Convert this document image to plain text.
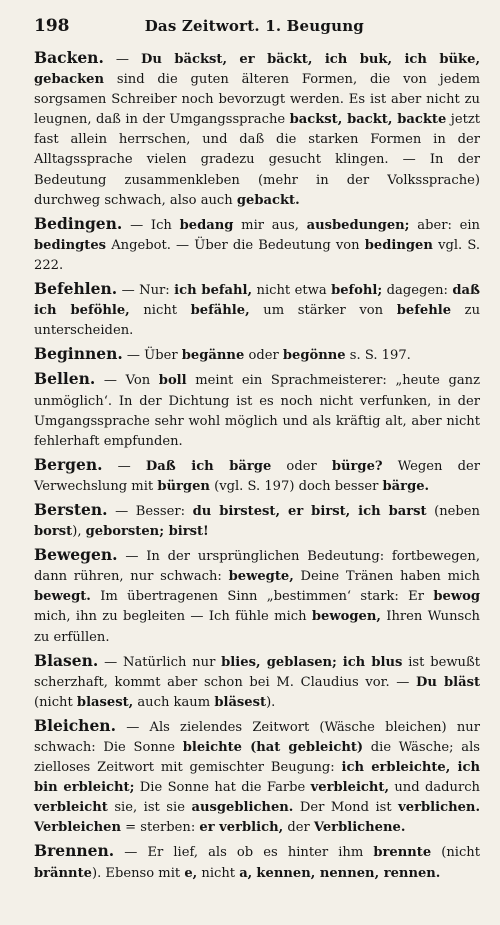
198	Das Zeitwort. 1. Beugung

Backen. — Du bäckst, er bäckt, ich buk, ich büke, gebacken sind die guten älteren Formen, die von jedem sorgsamen Schreiber noch bevorzugt werden. Es ist aber nicht zu leugnen, daß in der Umgangssprache backst, backt, backte jetzt fast allein herrschen, und daß die starken Formen in der Alltagssprache vielen gradezu gesucht klingen. — In der Bedeutung zusammenkleben (mehr in der Volkssprache) durchweg schwach, also auch gebackt.

Bedingen. — Ich bedang mir aus, ausbedungen; aber: ein bedingtes Angebot. — Über die Bedeutung von bedingen vgl. S. 222.

Befehlen. — Nur: ich befahl, nicht etwa befohl; dagegen: daß ich beföhle, nicht befähle, um stärker von befehle zu unterscheiden.

Beginnen. — Über begänne oder begönne s. S. 197.

Bellen. — Von boll meint ein Sprachmeisterer: „heute ganz unmöglich‘. In der Dichtung ist es noch nicht verfunken, in der Umgangssprache sehr wohl möglich und als kräftig alt, aber nicht fehlerhaft empfunden.

Bergen. — Daß ich bärge oder bürge? Wegen der Verwechslung mit bürgen (vgl. S. 197) doch besser bärge.

Bersten. — Besser: du birstest, er birst, ich barst (neben borst), geborsten; birst!

Bewegen. — In der ursprünglichen Bedeutung: fortbewegen, dann rühren, nur schwach: bewegte, Deine Tränen haben mich bewegt. Im übertragenen Sinn „bestimmen‘ stark: Er bewog mich, ihn zu begleiten — Ich fühle mich bewogen, Ihren Wunsch zu erfüllen.

Blasen. — Natürlich nur blies, geblasen; ich blus ist bewußt scherzhaft, kommt aber schon bei M. Claudius vor. — Du bläst (nicht blasest, auch kaum bläsest).

Bleichen. — Als zielendes Zeitwort (Wäsche bleichen) nur schwach: Die Sonne bleichte (hat gebleicht) die Wäsche; als zielloses Zeitwort mit gemischter Beugung: ich erbleichte, ich bin erbleicht; Die Sonne hat die Farbe verbleicht, und dadurch verbleicht sie, ist sie ausgeblichen. Der Mond ist verblichen. Verbleichen = sterben: er verblich, der Verblichene.

Brennen. — Er lief, als ob es hinter ihm brennte (nicht brännte). Ebenso mit e, nicht a, kennen, nennen, rennen.
